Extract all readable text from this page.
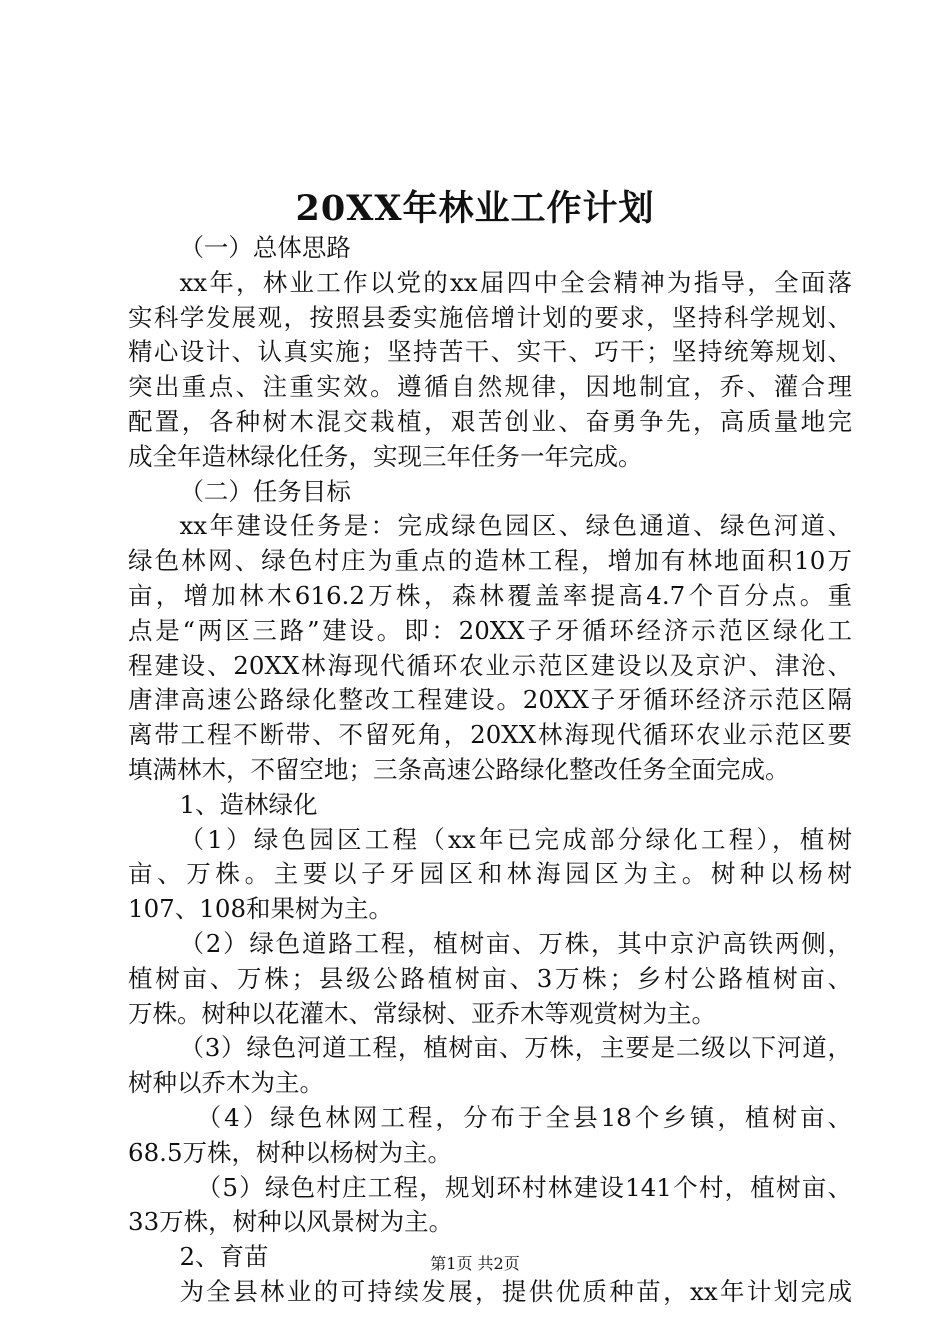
20XX年林业工作计划
（一）总体思路
xx年，林业工作以党的xx届四中全会精神为指导，全面落
实科学发展观，按照县委实施倍增计划的要求，坚持科学规划、
精心设计、认真实施；坚持苦干、实干、巧干；坚持统筹规划、
突出重点、注重实效。遵循自然规律，因地制宜，乔、灌合理
配置，各种树木混交栽植，艰苦创业、奋勇争先，高质量地完
成全年造林绿化任务，实现三年任务一年完成。
（二）任务目标
xx年建设任务是：完成绿色园区、绿色通道、绿色河道、
绿色林网、绿色村庄为重点的造林工程，增加有林地面积10万
亩，增加林木616.2万株，森林覆盖率提高4.7个百分点。重
点是“两区三路”建设。即：20XX子牙循环经济示范区绿化工
程建设、20XX林海现代循环农业示范区建设以及京沪、津沧、
唐津高速公路绿化整改工程建设。20XX子牙循环经济示范区隔
离带工程不断带、不留死角，20XX林海现代循环农业示范区要
填满林木，不留空地；三条高速公路绿化整改任务全面完成。
1、造林绿化
（1）绿色园区工程（xx年已完成部分绿化工程），植树
亩、万株。主要以子牙园区和林海园区为主。树种以杨树
107、108和果树为主。
（2）绿色道路工程，植树亩、万株，其中京沪高铁两侧，
植树亩、万株；县级公路植树亩、3万株；乡村公路植树亩、
万株。树种以花灌木、常绿树、亚乔木等观赏树为主。
（3）绿色河道工程，植树亩、万株，主要是二级以下河道，
树种以乔木为主。
（4）绿色林网工程，分布于全县18个乡镇，植树亩、
68.5万株，树种以杨树为主。
（5）绿色村庄工程，规划环村林建设141个村，植树亩、
33万株，树种以风景树为主。
2、育苗
为全县林业的可持续发展，提供优质种苗，xx年计划完成
第1页 共2页
